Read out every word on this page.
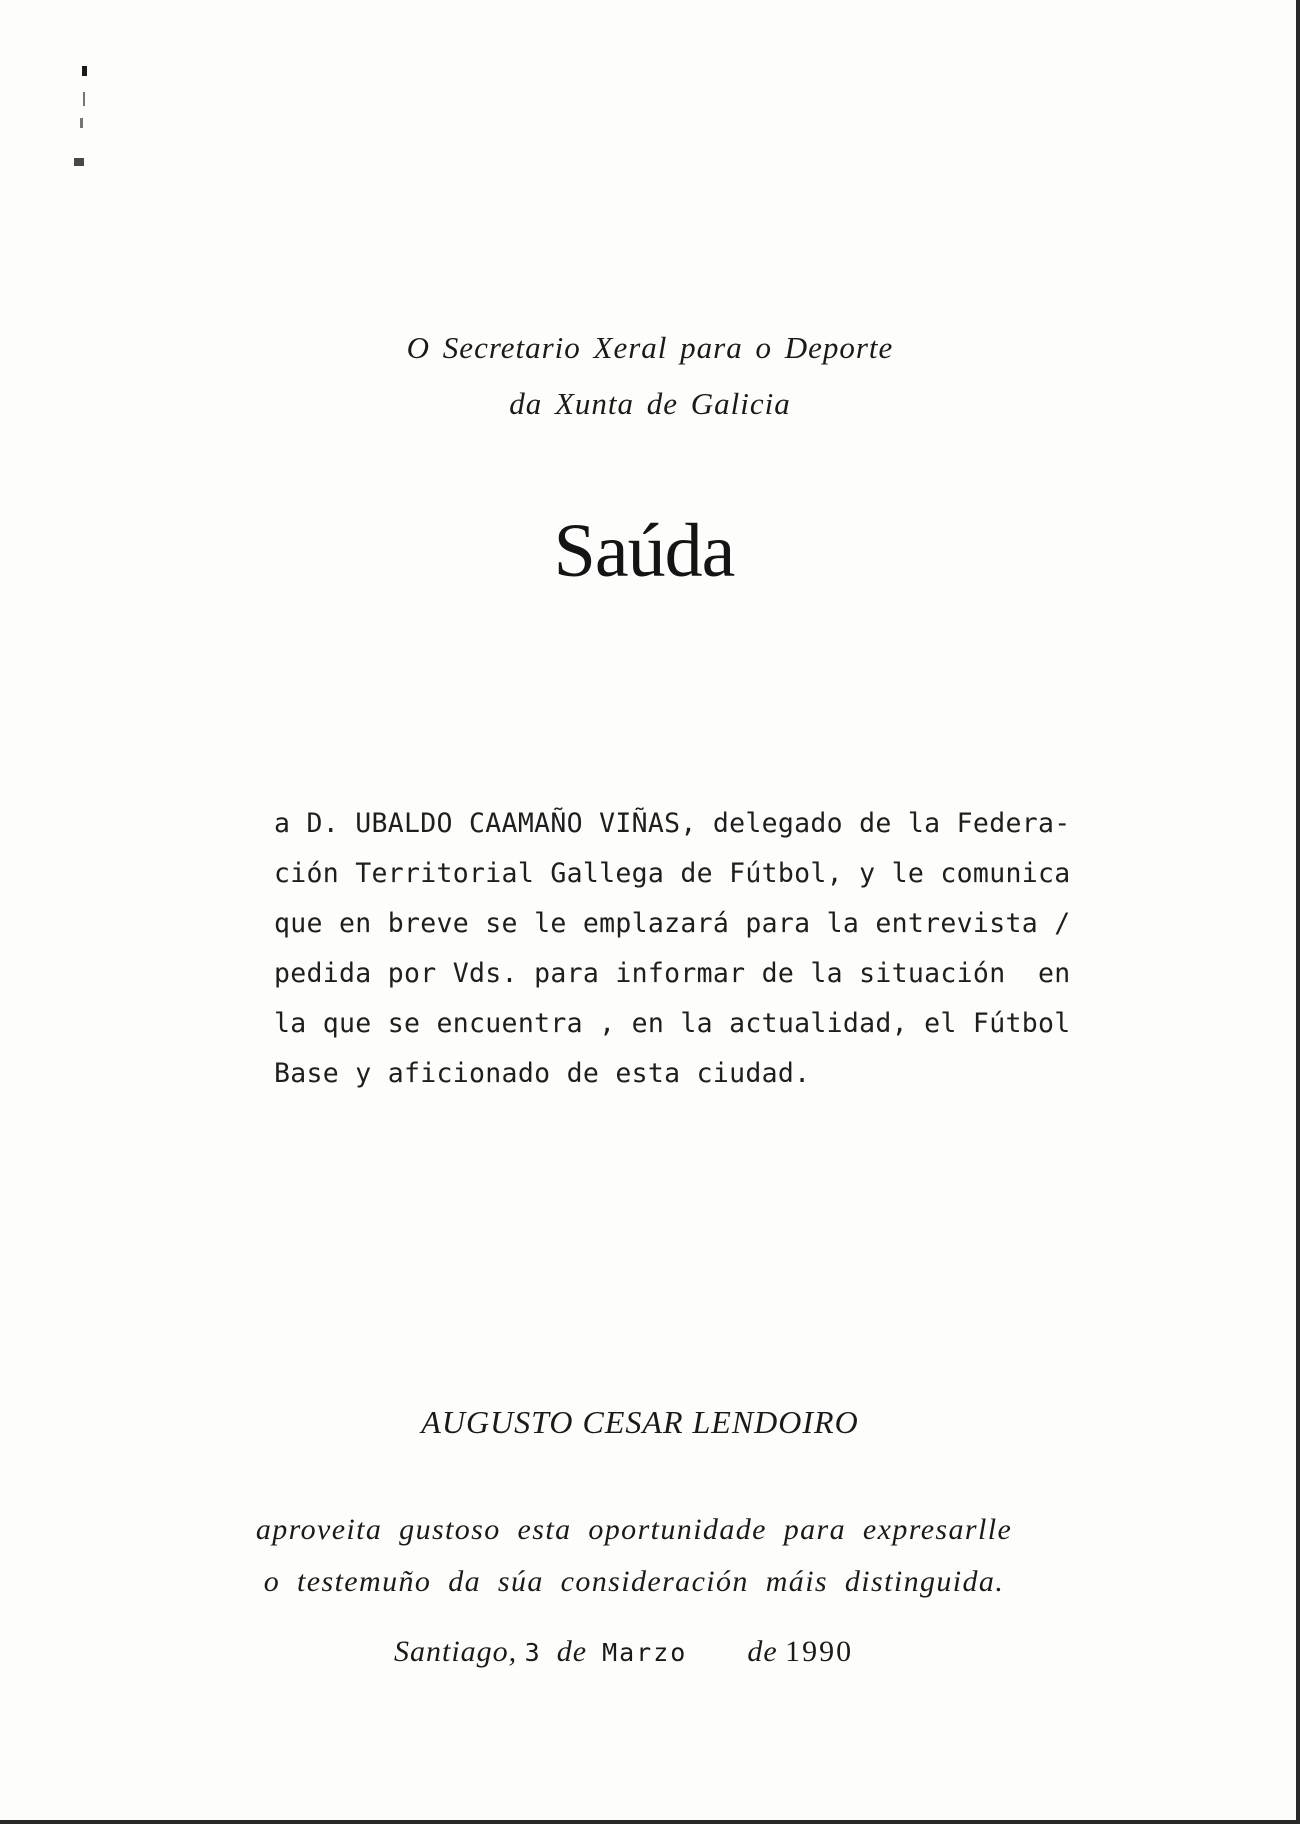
O Secretario Xeral para o Deporte
da Xunta de Galicia
Saúda
a D. UBALDO CAAMAÑO VIÑAS, delegado de la Federa-
ción Territorial Gallega de Fútbol, y le comunica
que en breve se le emplazará para la entrevista /
pedida por Vds. para informar de la situación  en
la que se encuentra , en la actualidad, el Fútbol
Base y aficionado de esta ciudad.
AUGUSTO CESAR LENDOIRO
aproveita gustoso esta oportunidade para expresarlle
o testemuño da súa consideración máis distinguida.
Santiago, 3 de Marzo de 1990
